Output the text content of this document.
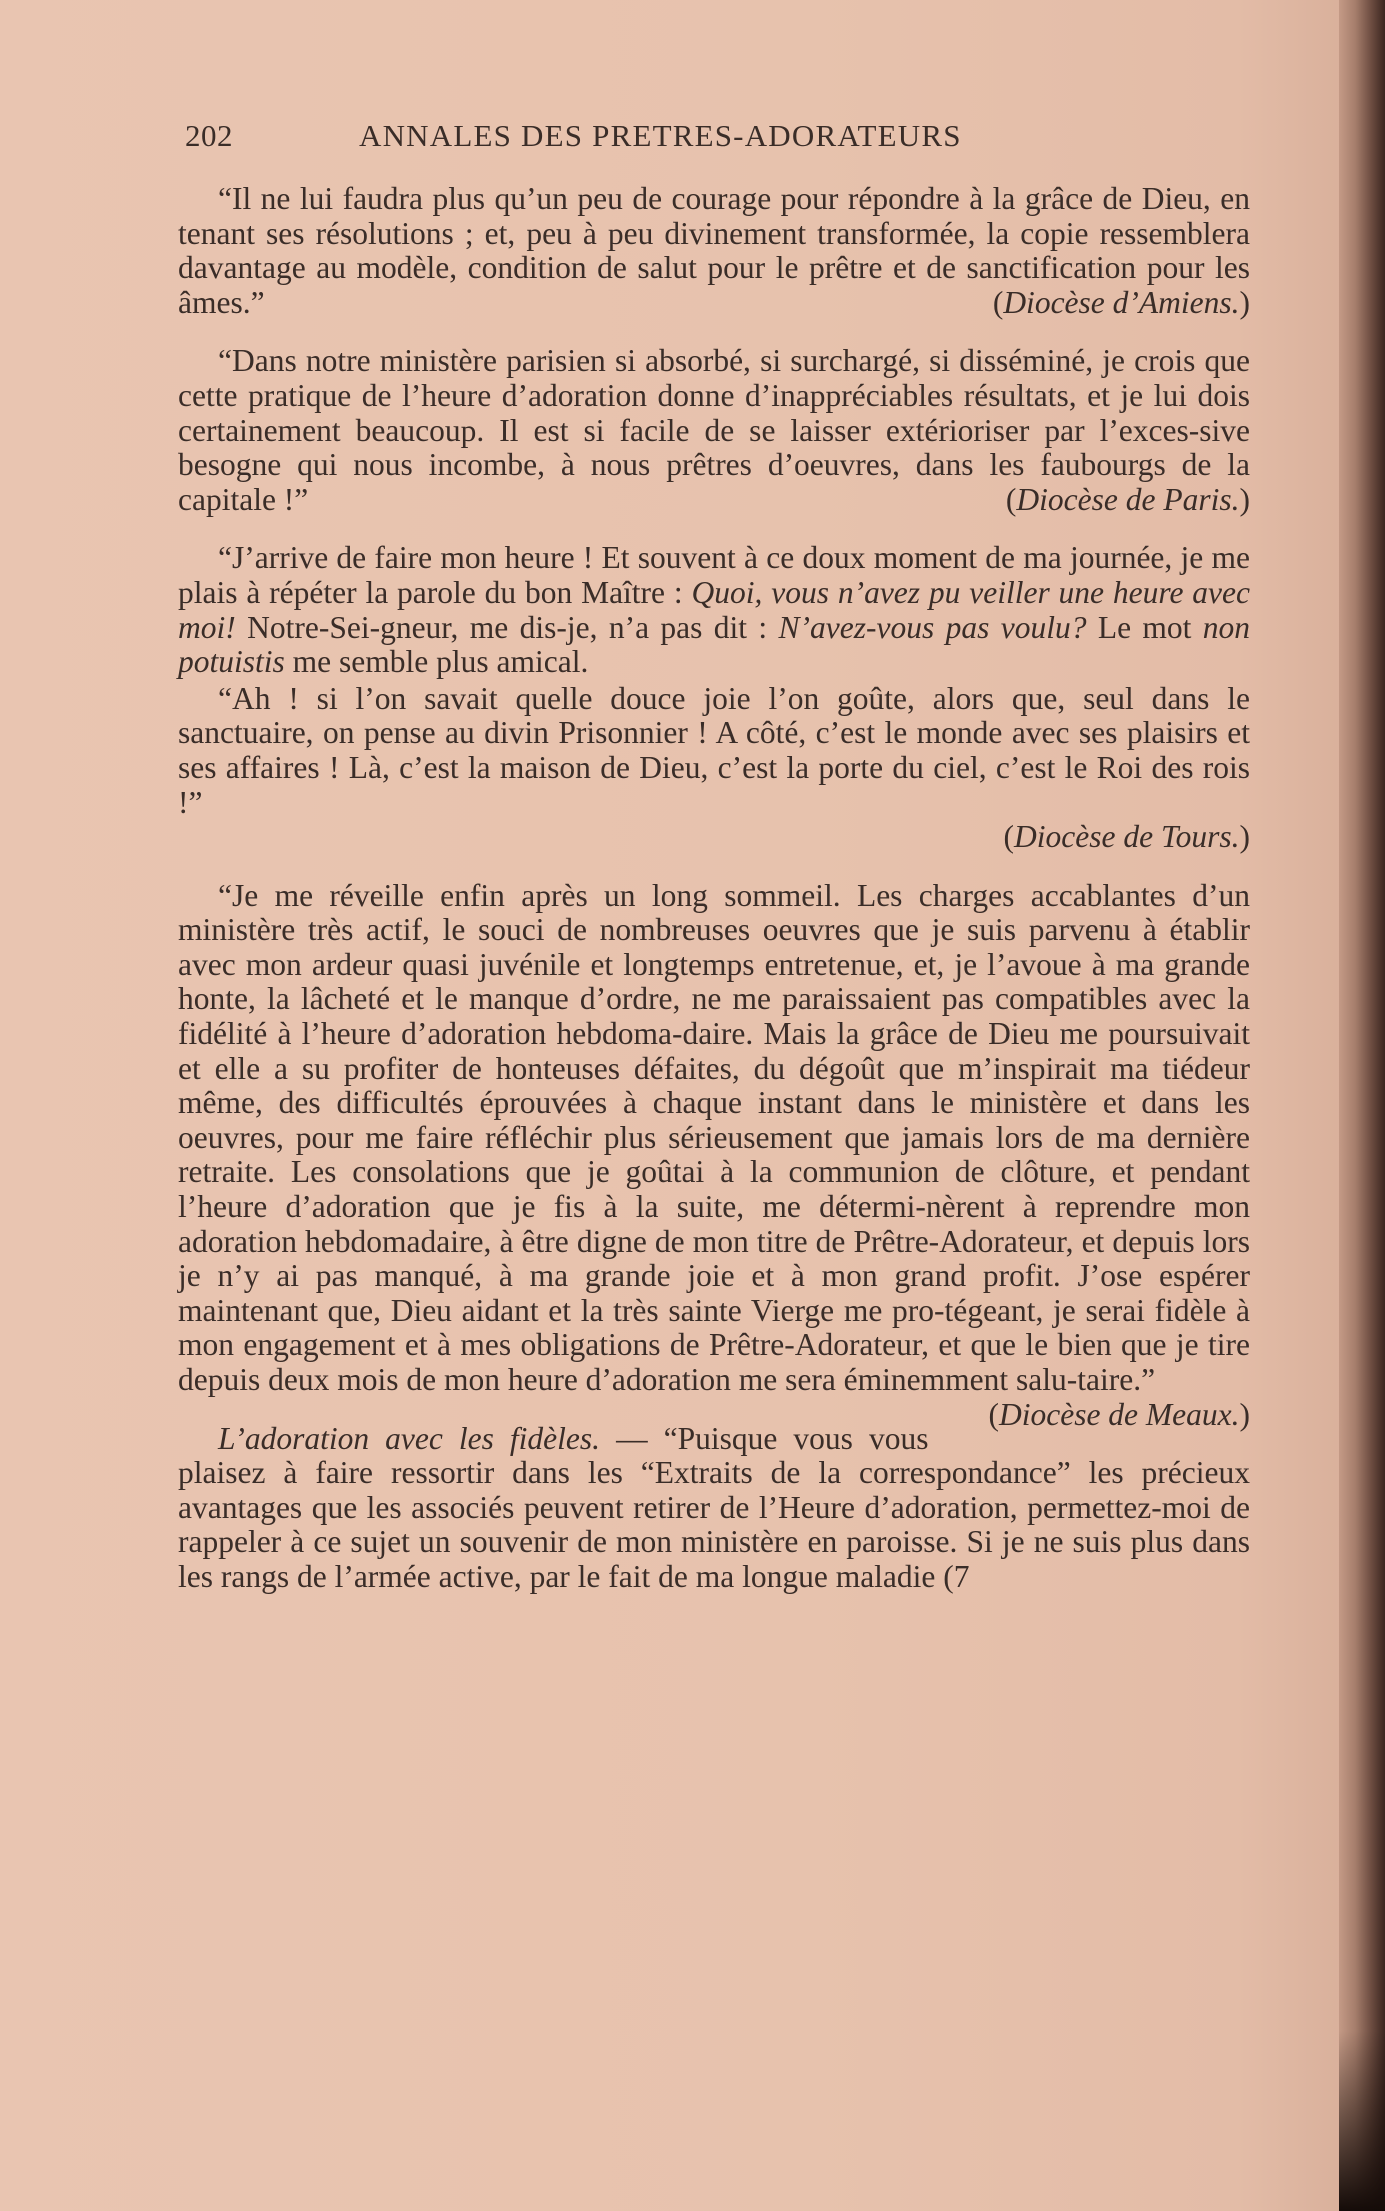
202	ANNALES DES PRETRES-ADORATEURS

“Il ne lui faudra plus qu’un peu de courage pour répondre à la grâce de Dieu, en tenant ses résolutions ; et, peu à peu divinement transformée, la copie ressemblera davantage au modèle, condition de salut pour le prêtre et de sanctification pour les âmes.”	(Diocèse d’Amiens.)

“Dans notre ministère parisien si absorbé, si surchargé, si disséminé, je crois que cette pratique de l’heure d’adoration donne d’inappréciables résultats, et je lui dois certainement beaucoup. Il est si facile de se laisser extérioriser par l’exces-sive besogne qui nous incombe, à nous prêtres d’oeuvres, dans les faubourgs de la capitale !”	(Diocèse de Paris.)

“J’arrive de faire mon heure ! Et souvent à ce doux moment de ma journée, je me plais à répéter la parole du bon Maître : Quoi, vous n’avez pu veiller une heure avec moi! Notre-Sei-gneur, me dis-je, n’a pas dit : N’avez-vous pas voulu? Le mot non potuistis me semble plus amical.

“Ah ! si l’on savait quelle douce joie l’on goûte, alors que, seul dans le sanctuaire, on pense au divin Prisonnier ! A côté, c’est le monde avec ses plaisirs et ses affaires ! Là, c’est la maison de Dieu, c’est la porte du ciel, c’est le Roi des rois !”

(Diocèse de Tours.)

“Je me réveille enfin après un long sommeil. Les charges accablantes d’un ministère très actif, le souci de nombreuses oeuvres que je suis parvenu à établir avec mon ardeur quasi juvénile et longtemps entretenue, et, je l’avoue à ma grande honte, la lâcheté et le manque d’ordre, ne me paraissaient pas compatibles avec la fidélité à l’heure d’adoration hebdoma-daire. Mais la grâce de Dieu me poursuivait et elle a su profiter de honteuses défaites, du dégoût que m’inspirait ma tiédeur même, des difficultés éprouvées à chaque instant dans le ministère et dans les oeuvres, pour me faire réfléchir plus sérieusement que jamais lors de ma dernière retraite. Les consolations que je goûtai à la communion de clôture, et pendant l’heure d’adoration que je fis à la suite, me détermi-nèrent à reprendre mon adoration hebdomadaire, à être digne de mon titre de Prêtre-Adorateur, et depuis lors je n’y ai pas manqué, à ma grande joie et à mon grand profit. J’ose espérer maintenant que, Dieu aidant et la très sainte Vierge me pro-tégeant, je serai fidèle à mon engagement et à mes obligations de Prêtre-Adorateur, et que le bien que je tire depuis deux mois de mon heure d’adoration me sera éminemment salu-taire.”
(Diocèse de Meaux.)

L’adoration avec les fidèles. — “Puisque vous vous plaisez à faire ressortir dans les “Extraits de la correspondance” les précieux avantages que les associés peuvent retirer de l’Heure d’adoration, permettez-moi de rappeler à ce sujet un souvenir de mon ministère en paroisse. Si je ne suis plus dans les rangs de l’armée active, par le fait de ma longue maladie (7
